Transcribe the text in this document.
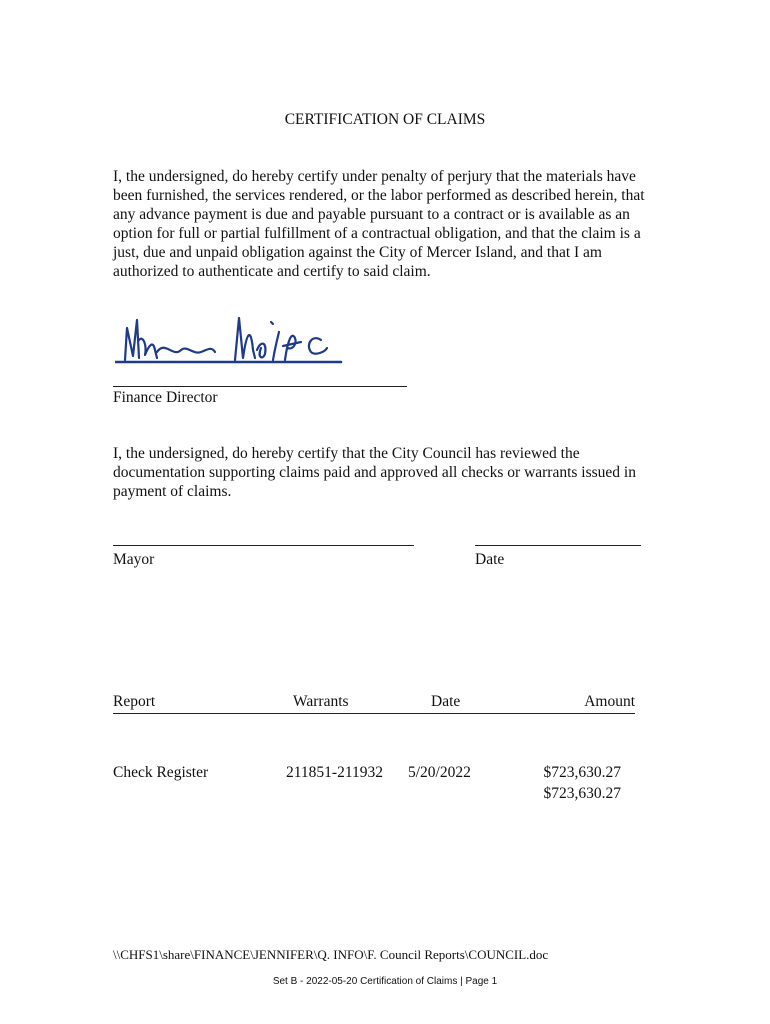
CERTIFICATION OF CLAIMS
I, the undersigned, do hereby certify under penalty of perjury that the materials have been furnished, the services rendered, or the labor performed as described herein, that any advance payment is due and payable pursuant to a contract or is available as an option for full or partial fulfillment of a contractual obligation, and that the claim is a just, due and unpaid obligation against the City of Mercer Island, and that I am authorized to authenticate and certify to said claim.
Finance Director
I, the undersigned, do hereby certify that the City Council has reviewed the documentation supporting claims paid and approved all checks or warrants issued in payment of claims.
Mayor	Date
Report	Warrants	Date	Amount
Check Register	211851-211932 5/20/2022	$723,630.27
$723,630.27
\\CHFS1\share\FINANCE\JENNIFER\Q. INFO\F. Council Reports\COUNCIL.doc
Set B - 2022-05-20 Certification of Claims | Page 1
